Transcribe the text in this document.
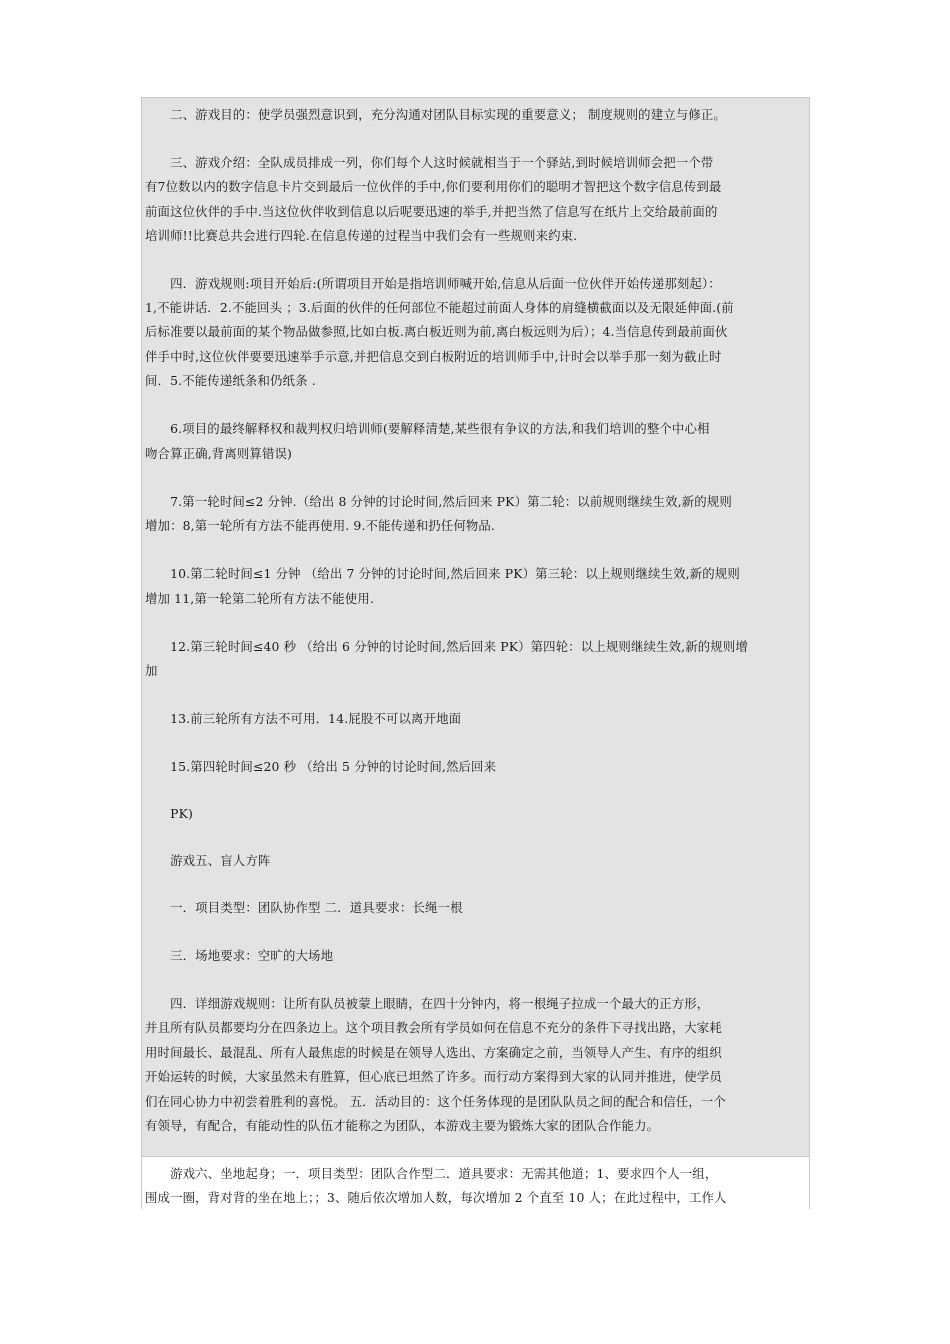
　　二、游戏目的：使学员强烈意识到，充分沟通对团队目标实现的重要意义； 制度规则的建立与修正。
　　三、游戏介绍：全队成员排成一列，你们每个人这时候就相当于一个驿站,到时候培训师会把一个带
有7位数以内的数字信息卡片交到最后一位伙伴的手中,你们要利用你们的聪明才智把这个数字信息传到最
前面这位伙伴的手中.当这位伙伴收到信息以后呢要迅速的举手,并把当然了信息写在纸片上交给最前面的
培训师!!比赛总共会进行四轮.在信息传递的过程当中我们会有一些规则来约束.
　　四．游戏规则:项目开始后:(所谓项目开始是指培训师喊开始,信息从后面一位伙伴开始传递那刻起）：
1,不能讲话．2.不能回头 ；3.后面的伙伴的任何部位不能超过前面人身体的肩缝横截面以及无限延伸面.(前
后标准要以最前面的某个物品做参照,比如白板.离白板近则为前,离白板远则为后）；4.当信息传到最前面伙
伴手中时,这位伙伴要要迅速举手示意,并把信息交到白板附近的培训师手中,计时会以举手那一刻为截止时
间．5.不能传递纸条和仍纸条 .
　　6.项目的最终解释权和裁判权归培训师(要解释清楚,某些很有争议的方法,和我们培训的整个中心相
吻合算正确,背离则算错误)
　　7.第一轮时间≤2 分钟.（给出 8 分钟的讨论时间,然后回来 PK）第二轮：以前规则继续生效,新的规则
增加：8,第一轮所有方法不能再使用. 9.不能传递和扔任何物品.
　　10.第二轮时间≤1 分钟 （给出 7 分钟的讨论时间,然后回来 PK）第三轮：以上规则继续生效,新的规则
增加 11,第一轮第二轮所有方法不能使用.
　　12.第三轮时间≤40 秒 （给出 6 分钟的讨论时间,然后回来 PK）第四轮：以上规则继续生效,新的规则增
加
　　13.前三轮所有方法不可用．14.屁股不可以离开地面
　　15.第四轮时间≤20 秒 （给出 5 分钟的讨论时间,然后回来
　　PK)
　　游戏五、盲人方阵
　　一．项目类型：团队协作型 二．道具要求：长绳一根
　　三．场地要求：空旷的大场地
　　四．详细游戏规则：让所有队员被蒙上眼睛，在四十分钟内，将一根绳子拉成一个最大的正方形，
并且所有队员都要均分在四条边上。这个项目教会所有学员如何在信息不充分的条件下寻找出路，大家耗
用时间最长、最混乱、所有人最焦虑的时候是在领导人选出、方案确定之前，当领导人产生、有序的组织
开始运转的时候，大家虽然未有胜算，但心底已坦然了许多。而行动方案得到大家的认同并推进，使学员
们在同心协力中初尝着胜利的喜悦。 五．活动目的：这个任务体现的是团队队员之间的配合和信任，一个
有领导，有配合，有能动性的队伍才能称之为团队，本游戏主要为锻炼大家的团队合作能力。
　　游戏六、坐地起身；一．项目类型：团队合作型二．道具要求：无需其他道；1、要求四个人一组，
围成一圈，背对背的坐在地上；；3、随后依次增加人数，每次增加 2 个直至 10 人；在此过程中，工作人
